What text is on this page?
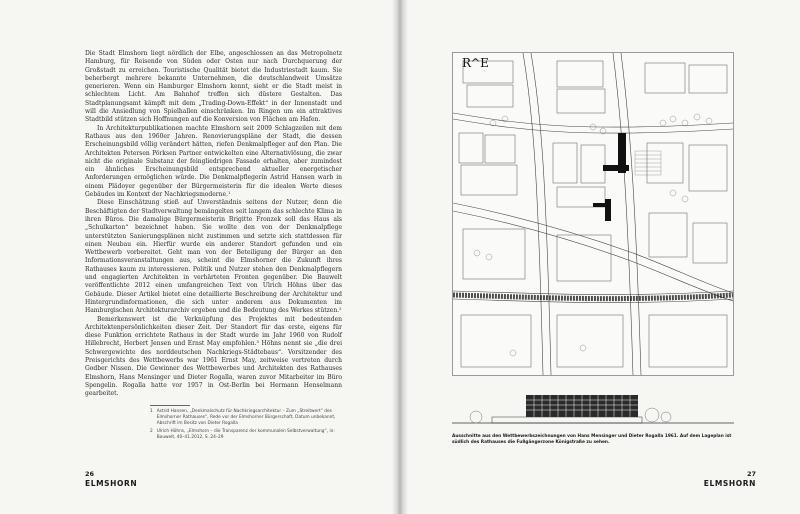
Die Stadt Elmshorn liegt nördlich der Elbe, angeschlossen an das Metropolnetz Hamburg, für Reisende von Süden oder Osten nur nach Durchquerung der Großstadt zu erreichen. Touristische Qualität bietet die Industriestadt kaum. Sie beherbergt mehrere bekannte Unternehmen, die deutschlandweit Umsätze generieren. Wenn ein Hamburger Elmshorn kennt, sieht er die Stadt meist in schlechtem Licht. Am Bahnhof treffen sich düstere Gestalten. Das Stadtplanungsamt kämpft mit dem „Trading-Down-Effekt“ in der Innenstadt und will die Ansiedlung von Spielhallen einschränken. Im Ringen um ein attraktives Stadtbild stützen sich Hoffnungen auf die Konversion von Flächen am Hafen.

In Architekturpublikationen machte Elmshorn seit 2009 Schlagzeilen mit dem Rathaus aus den 1960er Jahren. Renovierungspläne der Stadt, die dessen Erscheinungsbild völlig verändert hätten, riefen Denkmalpfleger auf den Plan. Die Architekten Petersen Pörksen Partner entwickelten eine Alternativlösung, die zwar nicht die originale Substanz der feingliedrigen Fassade erhalten, aber zumindest ein ähnliches Erscheinungsbild entsprechend aktueller energetischer Anforderungen ermöglichen würde. Die Denkmalpflegerin Astrid Hansen warb in einem Plädoyer gegenüber der Bürgermeisterin für die idealen Werte dieses Gebäudes im Kontext der Nachkriegsmoderne.¹

Diese Einschätzung stieß auf Unverständnis seitens der Nutzer, denn die Beschäftigten der Stadtverwaltung bemängelten seit langem das schlechte Klima in ihren Büros. Die damalige Bürgermeisterin Brigitte Fronzek soll das Haus als „Schulkarton“ bezeichnet haben. Sie wollte den von der Denkmalpflege unterstützten Sanierungsplänen nicht zustimmen und setzte sich stattdessen für einen Neubau ein. Hierfür wurde ein anderer Standort gefunden und ein Wettbewerb vorbereitet. Geht man von der Beteiligung der Bürger an den Informationsveranstaltungen aus, scheint die Elmshorner die Zukunft ihres Rathauses kaum zu interessieren. Politik und Nutzer stehen den Denkmalpflegern und engagierten Architekten in verhärteten Fronten gegenüber. Die Bauwelt veröffentlichte 2012 einen umfangreichen Text von Ulrich Höhns über das Gebäude. Dieser Artikel bietet eine detaillierte Beschreibung der Architektur und Hintergrundinformationen, die sich unter anderem aus Dokumenten im Hamburgischen Architekturarchiv ergeben und die Bedeutung des Werkes stützen.²

Bemerkenswert ist die Verknüpfung des Projektes mit bedeutenden Architektenpersönlichkeiten dieser Zeit. Der Standort für das erste, eigens für diese Funktion errichtete Rathaus in der Stadt wurde im Jahr 1960 von Rudolf Hillebrecht, Herbert Jensen und Ernst May empfohlen.³ Höhns nennt sie „die drei Schwergewichte des norddeutschen Nachkriegs-Städtebaus“. Vorsitzender des Preisgerichts des Wettbewerbs war 1961 Ernst May, zeitweise vertreten durch Godber Nissen. Die Gewinner des Wettbewerbes und Architekten des Rathauses Elmshorn, Hans Mensinger und Dieter Rogalla, waren zuvor Mitarbeiter im Büro Spengelin. Rogalla hatte vor 1957 in Ost-Berlin bei Hermann Henselmann gearbeitet.

1 Astrid Hansen, „Denkmalschutz für Nachkriegsarchitektur – Zum „Streitwert“ des Elmshorner Rathauses“, Rede vor der Elmshorner Bürgerschaft, Datum unbekannt, Abschrift im Besitz von Dieter Rogalla
2 Ulrich Höhns, „Elmshorn – die Transparenz der kommunalen Selbstverwaltung“, in: Bauwelt, 40–41.2012, S. 24–29
26
ELMSHORN
R^E
Ausschnitte aus den Wettbewerbszeichnungen von Hans Mensinger und Dieter Rogalla 1961. Auf dem Lageplan ist südlich des Rathauses die Fußgängerzone Königstraße zu sehen.
27
ELMSHORN
